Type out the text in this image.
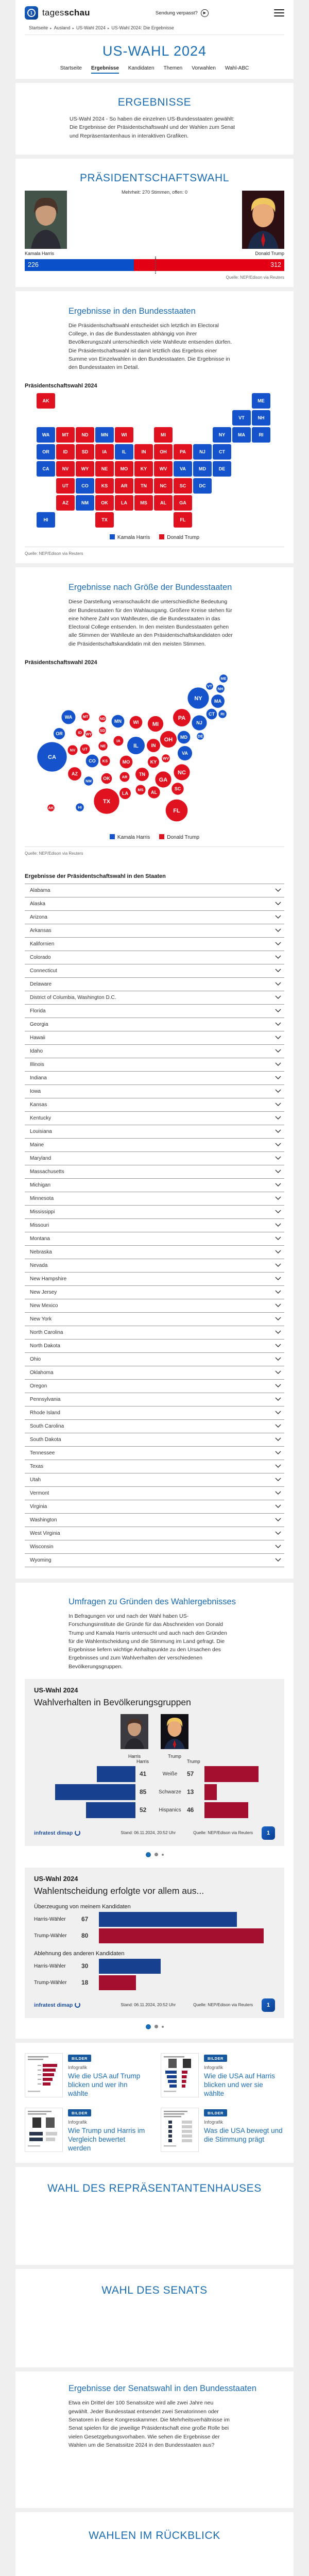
1	tagesschau	Sendung verpasst?	▶
Startseite ▸ Ausland ▸ US-Wahl 2024 ▸ US-Wahl 2024: Die Ergebnisse
US-WAHL 2024
Startseite Ergebnisse Kandidaten Themen Vorwahlen Wahl-ABC
ERGEBNISSE

US-Wahl 2024 - So haben die einzelnen US-Bundesstaaten gewählt: Die Ergebnisse der Präsidentschaftswahl und der Wahlen zum Senat und Repräsentantenhaus in interaktiven Grafiken.

PRÄSIDENTSCHAFTSWAHL
Mehrheit: 270 Stimmen, offen: 0
Kamala Harris	Donald Trump
226	312
Quelle: NEP/Edison via Reuters
Ergebnisse in den Bundesstaaten

Die Präsidentschaftswahl entscheidet sich letztlich im Electoral College, in das die Bundesstaaten abhängig von ihrer Bevölkerungszahl unterschiedlich viele Wahlleute entsenden dürfen. Die Präsidentschaftswahl ist damit letztlich das Ergebnis einer Summe von Einzelwahlen in den Bundesstaaten. Die Ergebnisse in den Bundesstaaten im Detail.

Präsidentschaftswahl 2024
AK	ME
VT	NH
WA	MT	ND	MN	WI	MI	NY	MA	RI
OR	ID	SD	IA	IL	IN	OH	PA	NJ	CT
CA	NV	WY	NE	MO	KY	WV	VA	MD	DE
UT	CO	KS	AR	TN	NC	SC	DC
AZ	NM	OK	LA	MS	AL	GA
HI	TX	FL
Kamala Harris	Donald Trump
Quelle: NEP/Edison via Reuters
Ergebnisse nach Größe der Bundesstaaten

Diese Darstellung veranschaulicht die unterschiedliche Bedeutung der Bundesstaaten für den Wahlausgang. Größere Kreise stehen für eine höhere Zahl von Wahlleuten, die die Bundesstaaten in das Electoral College entsenden. In den meisten Bundesstaaten gehen alle Stimmen der Wahlleute an den Präsidentschaftskandidaten oder die Präsidentschaftskandidatin mit den meisten Stimmen.

Präsidentschaftswahl 2024
ME
VT
NH
NY	MA
WA	MT	ND
MN	WI MI
PA
NJ
CT RI
OR	ID WY
SD
IA
NE	IL	IN
OH MD	DE
CA
NV UT
CO KS	MO	KY
WV
VA
AZ
NM OK	AR	TN	NC
GA
SC
MS
AL
LA
TX
AK	HI
FL
Kamala Harris	Donald Trump
Quelle: NEP/Edison via Reuters
Ergebnisse der Präsidentschaftswahl in den Staaten
Alabama
Alaska
Arizona
Arkansas
Kalifornien
Colorado
Connecticut
Delaware
District of Columbia, Washington D.C.
Florida
Georgia
Hawaii
Idaho
Illinois
Indiana
Iowa
Kansas
Kentucky
Louisiana
Maine
Maryland
Massachusetts
Michigan
Minnesota
Mississippi
Missouri
Montana
Nebraska
Nevada
New Hampshire
New Jersey
New Mexico
New York
North Carolina
North Dakota
Ohio
Oklahoma
Oregon
Pennsylvania
Rhode Island
South Carolina
South Dakota
Tennessee
Texas
Utah
Vermont
Virginia
Washington
West Virginia
Wisconsin
Wyoming
Umfragen zu Gründen des Wahlergebnisses

In Befragungen vor und nach der Wahl haben US-Forschungsinstitute die Gründe für das Abschneiden von Donald Trump und Kamala Harris untersucht und auch nach den Gründen für die Wahlentscheidung und die Stimmung im Land gefragt. Die Ergebnisse liefern wichtige Anhaltspunkte zu den Ursachen des Ergebnisses und zum Wahlverhalten der verschiedenen Bevölkerungsgruppen.

US-Wahl 2024
Wahlverhalten in Bevölkerungsgruppen
Harris	Trump
Harris	Trump
41	Weiße	57
85	Schwarze 13
52	Hispanics 46
infratest dimap	Stand: 06.11.2024, 20:52 Uhr	Quelle: NEP/Edison via Reuters	1
US-Wahl 2024
Wahlentscheidung erfolgte vor allem aus...
Überzeugung von meinem Kandidaten
Harris-Wähler	67
Trump-Wähler	80
Ablehnung des anderen Kandidaten
Harris-Wähler	30
Trump-Wähler	18
infratest dimap	Stand: 06.11.2024, 20:52 Uhr	Quelle: NEP/Edison via Reuters	1
BILDER
Infografik
Wie die USA auf Trump blicken und wer ihn wählte
BILDER
Infografik
Wie die USA auf Harris blicken und wer sie wählte
BILDER
Infografik
Wie Trump und Harris im Vergleich bewertet werden
BILDER
Infografik
Was die USA bewegt und die Stimmung prägt
WAHL DES REPRÄSENTANTENHAUSES
WAHL DES SENATS
Ergebnisse der Senatswahl in den Bundesstaaten

Etwa ein Drittel der 100 Senatssitze wird alle zwei Jahre neu gewählt. Jeder Bundesstaat entsendet zwei Senatorinnen oder Senatoren in diese Kongresskammer. Die Mehrheitsverhältnisse im Senat spielen für die jeweilige Präsidentschaft eine große Rolle bei vielen Gesetzgebungsvorhaben. Wie sehen die Ergebnisse der Wahlen um die Senatssitze 2024 in den Bundesstaaten aus?

WAHLEN IM RÜCKBLICK
